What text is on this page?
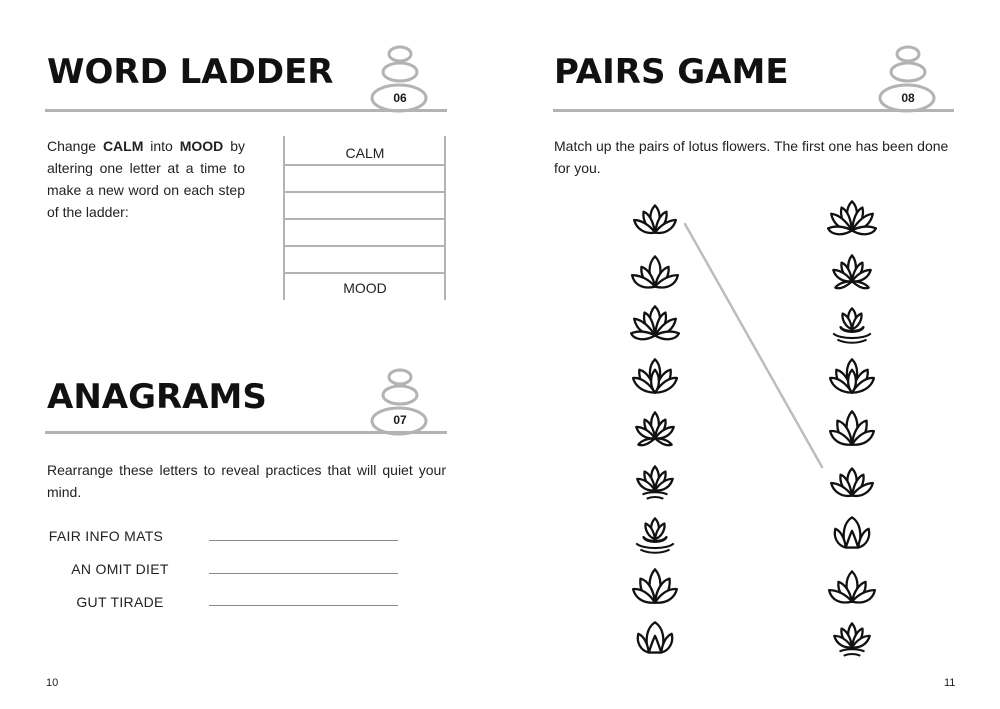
WORD LADDER
06
Change CALM into MOOD by altering one letter at a time to make a new word on each step of the ladder:
CALM
MOOD
ANAGRAMS
07
Rearrange these letters to reveal practices that will quiet your mind.
FAIR INFO MATS
AN OMIT DIET
GUT TIRADE
10
PAIRS GAME
08
Match up the pairs of lotus flowers. The first one has been done for you.
11
